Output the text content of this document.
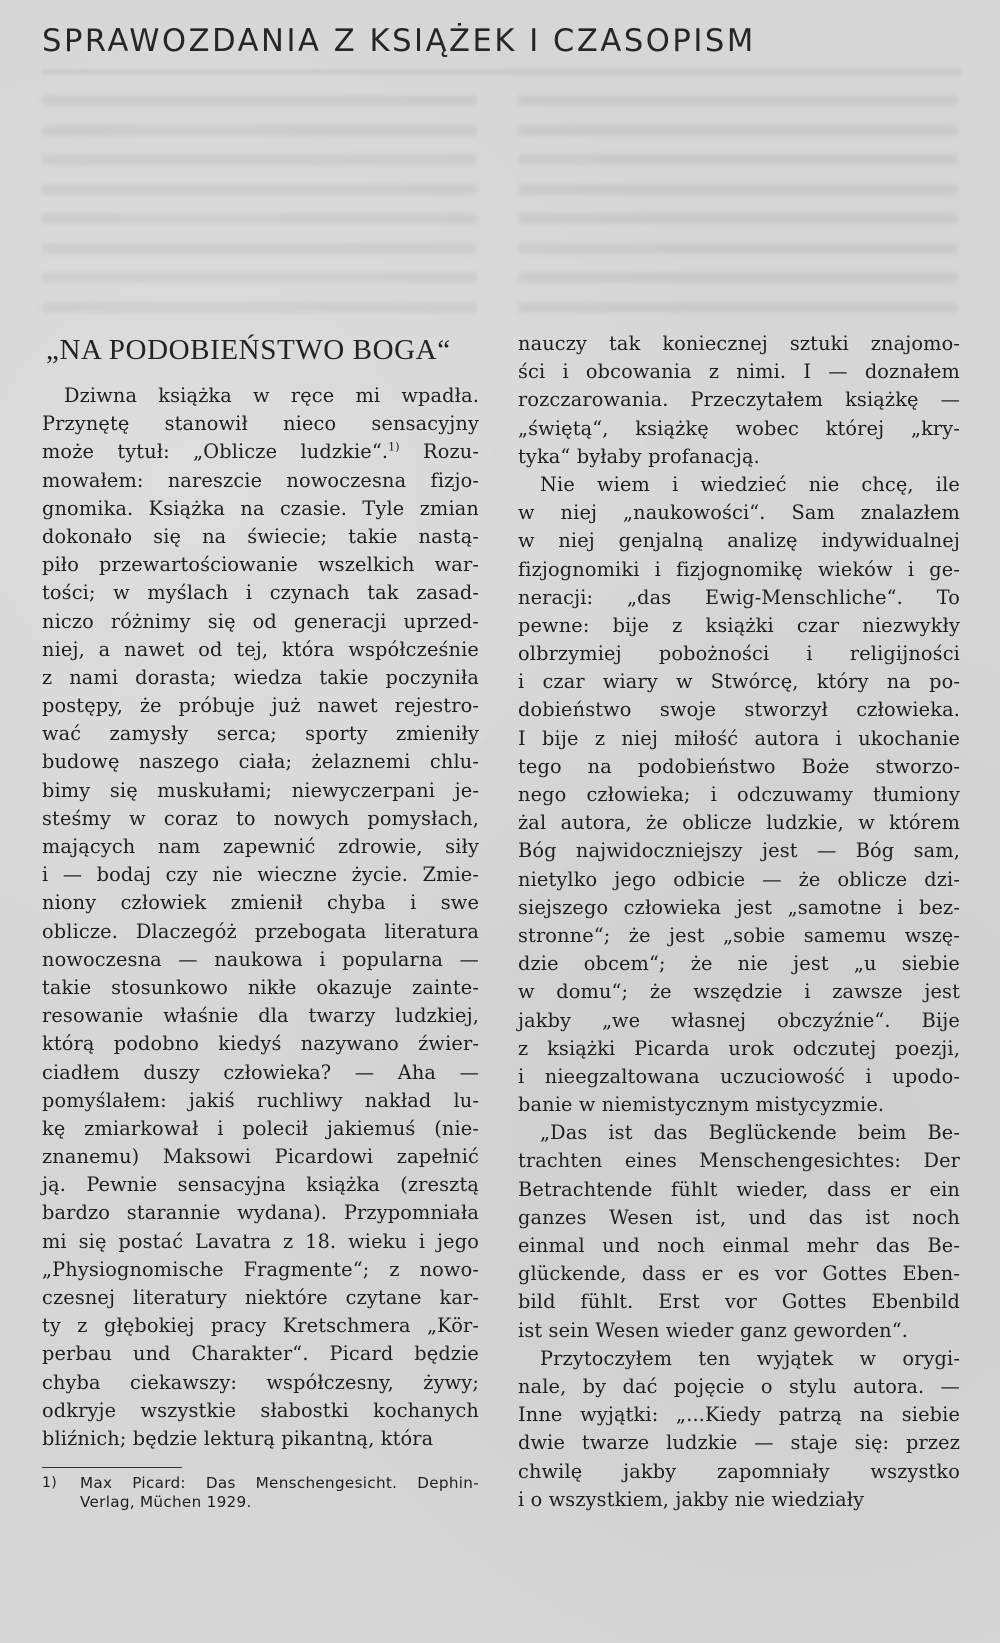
SPRAWOZDANIA Z KSIĄŻEK I CZASOPISM
„NA PODOBIEŃSTWO BOGA“
Dziwna książka w ręce mi wpadła.
Przynętę stanowił nieco sensacyjny
może tytuł: „Oblicze ludzkie“.$^{1)}$ Rozu-
mowałem: nareszcie nowoczesna fizjo-
gnomika. Książka na czasie. Tyle zmian
dokonało się na świecie; takie nastą-
piło przewartościowanie wszelkich war-
tości; w myślach i czynach tak zasad-
niczo różnimy się od generacji uprzed-
niej, a nawet od tej, która współcześnie
z nami dorasta; wiedza takie poczyniła
postępy, że próbuje już nawet rejestro-
wać zamysły serca; sporty zmieniły
budowę naszego ciała; żelaznemi chlu-
bimy się muskułami; niewyczerpani je-
steśmy w coraz to nowych pomysłach,
mających nam zapewnić zdrowie, siły
i — bodaj czy nie wieczne życie. Zmie-
niony człowiek zmienił chyba i swe
oblicze. Dlaczegóż przebogata literatura
nowoczesna — naukowa i popularna —
takie stosunkowo nikłe okazuje zainte-
resowanie właśnie dla twarzy ludzkiej,
którą podobno kiedyś nazywano źwier-
ciadłem duszy człowieka? — Aha —
pomyślałem: jakiś ruchliwy nakład lu-
kę zmiarkował i polecił jakiemuś (nie-
znanemu) Maksowi Picardowi zapełnić
ją. Pewnie sensacyjna książka (zresztą
bardzo starannie wydana). Przypomniała
mi się postać Lavatra z 18. wieku i jego
„Physiognomische Fragmente“; z nowo-
czesnej literatury niektóre czytane kar-
ty z głębokiej pracy Kretschmera „Kör-
perbau und Charakter“. Picard będzie
chyba ciekawszy: współczesny, żywy;
odkryje wszystkie słabostki kochanych
bliźnich; będzie lekturą pikantną, która
1)	Max Picard: Das Menschengesicht. Dephin-
Verlag, Müchen 1929.
nauczy tak koniecznej sztuki znajomo-
ści i obcowania z nimi. I — doznałem
rozczarowania. Przeczytałem książkę —
„świętą“, książkę wobec której „kry-
tyka“ byłaby profanacją.
Nie wiem i wiedzieć nie chcę, ile
w niej „naukowości“. Sam znalazłem
w niej genjalną analizę indywidualnej
fizjognomiki i fizjognomikę wieków i ge-
neracji: „das Ewig-Menschliche“. To
pewne: bije z książki czar niezwykły
olbrzymiej pobożności i religijności
i czar wiary w Stwórcę, który na po-
dobieństwo swoje stworzył człowieka.
I bije z niej miłość autora i ukochanie
tego na podobieństwo Boże stworzo-
nego człowieka; i odczuwamy tłumiony
żal autora, że oblicze ludzkie, w którem
Bóg najwidoczniejszy jest — Bóg sam,
nietylko jego odbicie — że oblicze dzi-
siejszego człowieka jest „samotne i bez-
stronne“; że jest „sobie samemu wszę-
dzie obcem“; że nie jest „u siebie
w domu“; że wszędzie i zawsze jest
jakby „we własnej obczyźnie“. Bije
z książki Picarda urok odczutej poezji,
i nieegzaltowana uczuciowość i upodo-
banie w niemistycznym mistycyzmie.
„Das ist das Beglückende beim Be-
trachten eines Menschengesichtes: Der
Betrachtende fühlt wieder, dass er ein
ganzes Wesen ist, und das ist noch
einmal und noch einmal mehr das Be-
glückende, dass er es vor Gottes Eben-
bild fühlt. Erst vor Gottes Ebenbild
ist sein Wesen wieder ganz geworden“.
Przytoczyłem ten wyjątek w orygi-
nale, by dać pojęcie o stylu autora. —
Inne wyjątki: „...Kiedy patrzą na siebie
dwie twarze ludzkie — staje się: przez
chwilę jakby zapomniały wszystko
i o wszystkiem, jakby nie wiedziały
